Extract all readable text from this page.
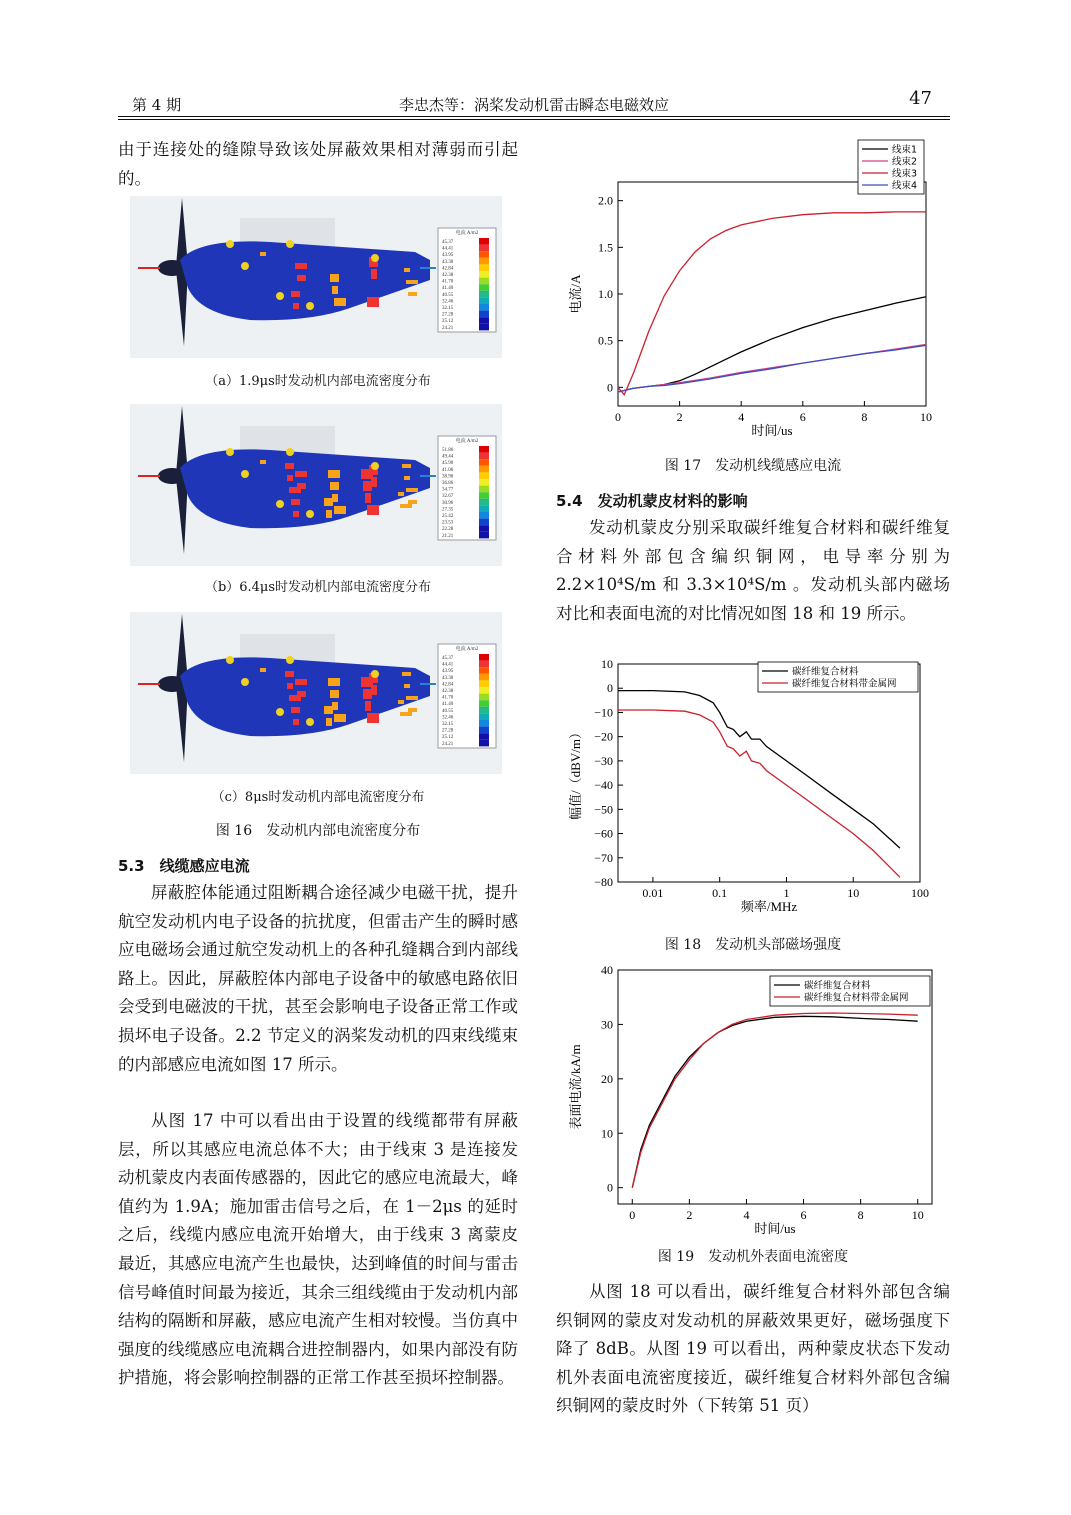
第 4 期	李忠杰等：涡桨发动机雷击瞬态电磁效应	47
由于连接处的缝隙导致该处屏蔽效果相对薄弱而引起的。
电流 A/m2
45.37
44.41
43.95
43.30
42.84
42.38
41.70
41.40
40.55
32.46
32.15
27.28
25.12
24.21
（a）1.9μs时发动机内部电流密度分布
电流 A/m2
51.86
49.44
45.90
41.06
38.96
36.86
34.77
32.67
30.96
27.35
25.42
23.53
22.28
21.21
（b）6.4μs时发动机内部电流密度分布
电流 A/m2
45.37
44.41
43.95
43.30
42.84
42.38
41.70
41.40
40.55
32.46
32.15
27.28
25.12
24.21
（c）8μs时发动机内部电流密度分布
图 16　发动机内部电流密度分布
5.3　线缆感应电流
屏蔽腔体能通过阻断耦合途径减少电磁干扰，提升航空发动机内电子设备的抗扰度，但雷击产生的瞬时感应电磁场会通过航空发动机上的各种孔缝耦合到内部线路上。因此，屏蔽腔体内部电子设备中的敏感电路依旧会受到电磁波的干扰，甚至会影响电子设备正常工作或损坏电子设备。2.2 节定义的涡桨发动机的四束线缆束的内部感应电流如图 17 所示。
从图 17 中可以看出由于设置的线缆都带有屏蔽层，所以其感应电流总体不大；由于线束 3 是连接发动机蒙皮内表面传感器的，因此它的感应电流最大，峰值约为 1.9A；施加雷击信号之后，在 1－2μs 的延时之后，线缆内感应电流开始增大，由于线束 3 离蒙皮最近，其感应电流产生也最快，达到峰值的时间与雷击信号峰值时间最为接近，其余三组线缆由于发动机内部结构的隔断和屏蔽，感应电流产生相对较慢。当仿真中强度的线缆感应电流耦合进控制器内，如果内部没有防护措施，将会影响控制器的正常工作甚至损坏控制器。
0	2	4	6	8	10
0
0.5
1.0
1.5
2.0
时间/us
电流/A
线束1
线束2
线束3
线束4
图 17　发动机线缆感应电流
5.4　发动机蒙皮材料的影响
发动机蒙皮分别采取碳纤维复合材料和碳纤维复合材料外部包含编织铜网，电导率分别为 2.2×10⁴S/m 和 3.3×10⁴S/m 。发动机头部内磁场对比和表面电流的对比情况如图 18 和 19 所示。
0.01	0.1	1	10	100
10
0
−10
−20
−30
−40
−50
−60
−70
−80
频率/MHz
幅值/（dBV/m）
碳纤维复合材料
碳纤维复合材料带金属网
图 18　发动机头部磁场强度
0	2	4	6	8	10
0
10
20
30
40
时间/us
表面电流/kA/m
碳纤维复合材料
碳纤维复合材料带金属网
图 19　发动机外表面电流密度
从图 18 可以看出，碳纤维复合材料外部包含编织铜网的蒙皮对发动机的屏蔽效果更好，磁场强度下降了 8dB。从图 19 可以看出，两种蒙皮状态下发动机外表面电流密度接近，碳纤维复合材料外部包含编织铜网的蒙皮时外（下转第 51 页）
